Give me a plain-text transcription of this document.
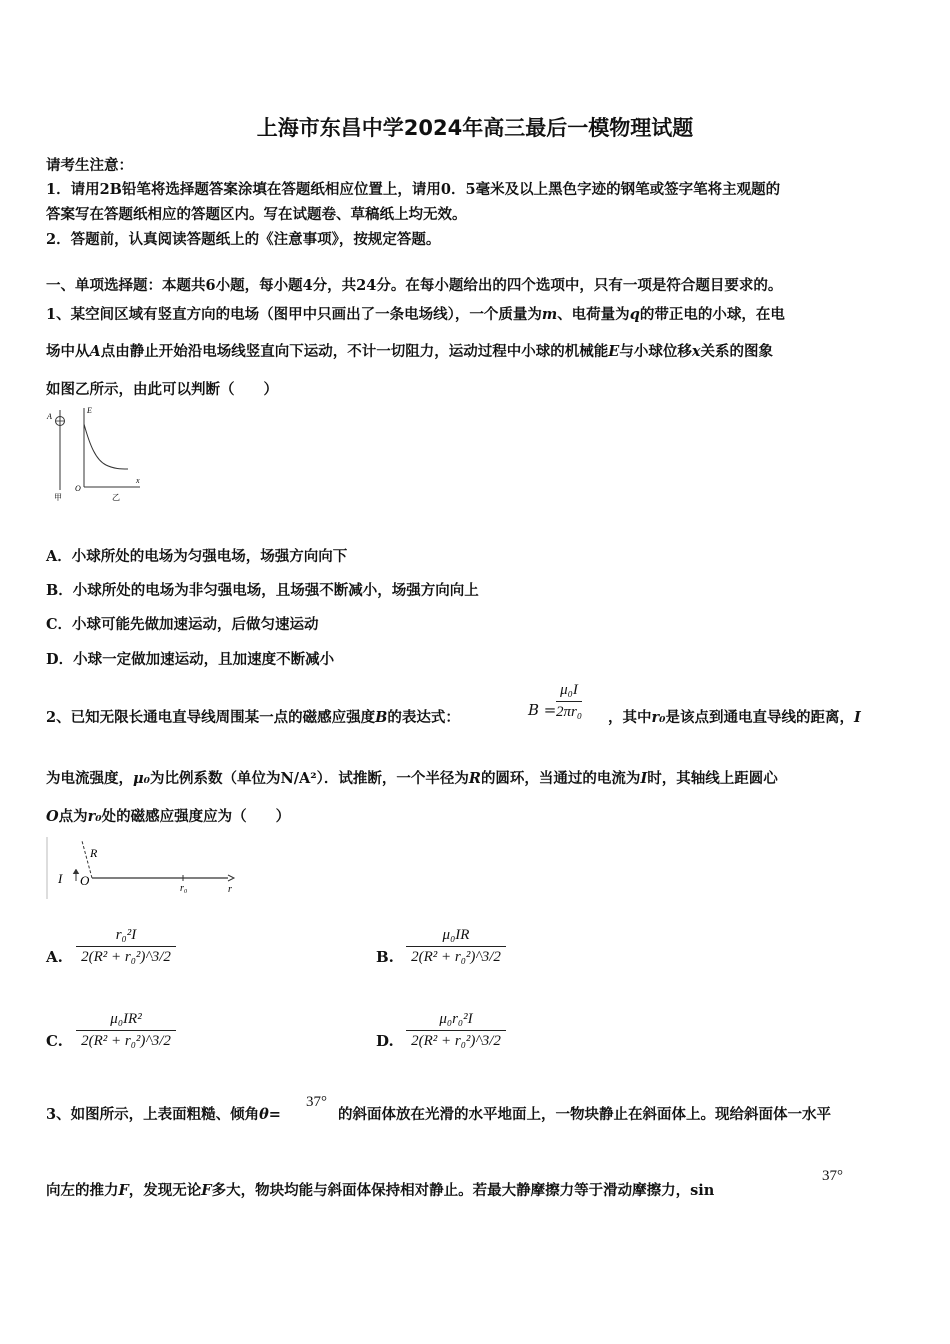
上海市东昌中学2024年高三最后一模物理试题
请考生注意：
1．请用2B铅笔将选择题答案涂填在答题纸相应位置上，请用0．5毫米及以上黑色字迹的钢笔或签字笔将主观题的
答案写在答题纸相应的答题区内。写在试题卷、草稿纸上均无效。
2．答题前，认真阅读答题纸上的《注意事项》，按规定答题。
一、单项选择题：本题共6小题，每小题4分，共24分。在每小题给出的四个选项中，只有一项是符合题目要求的。
1、某空间区域有竖直方向的电场（图甲中只画出了一条电场线），一个质量为m、电荷量为q的带正电的小球，在电
场中从A点由静止开始沿电场线竖直向下运动，不计一切阻力，运动过程中小球的机械能E与小球位移x关系的图象
如图乙所示，由此可以判断（　　）
A
甲
E
O
x
乙
A．小球所处的电场为匀强电场，场强方向向下
B．小球所处的电场为非匀强电场，且场强不断减小，场强方向向上
C．小球可能先做加速运动，后做匀速运动
D．小球一定做加速运动，且加速度不断减小
2、已知无限长通电直导线周围某一点的磁感应强度B的表达式：	B =
μ₀I
2πr₀ ，其中r₀是该点到通电直导线的距离，I
为电流强度，μ₀为比例系数（单位为N/A²）．试推断，一个半径为R的圆环，当通过的电流为I时，其轴线上距圆心
O点为r₀处的磁感应强度应为（　　）
I O
R
r₀	r
A.
r₀²I
2(R² + r₀²)^3/2	B.
μ₀IR
2(R² + r₀²)^3/2
C.
μ₀IR²
2(R² + r₀²)^3/2	D.
μ₀r₀²I
2(R² + r₀²)^3/2
3、如图所示，上表面粗糙、倾角θ=
37°
的斜面体放在光滑的水平地面上，一物块静止在斜面体上。现给斜面体一水平
向左的推力F，发现无论F多大，物块均能与斜面体保持相对静止。若最大静摩擦力等于滑动摩擦力，sin
37°
